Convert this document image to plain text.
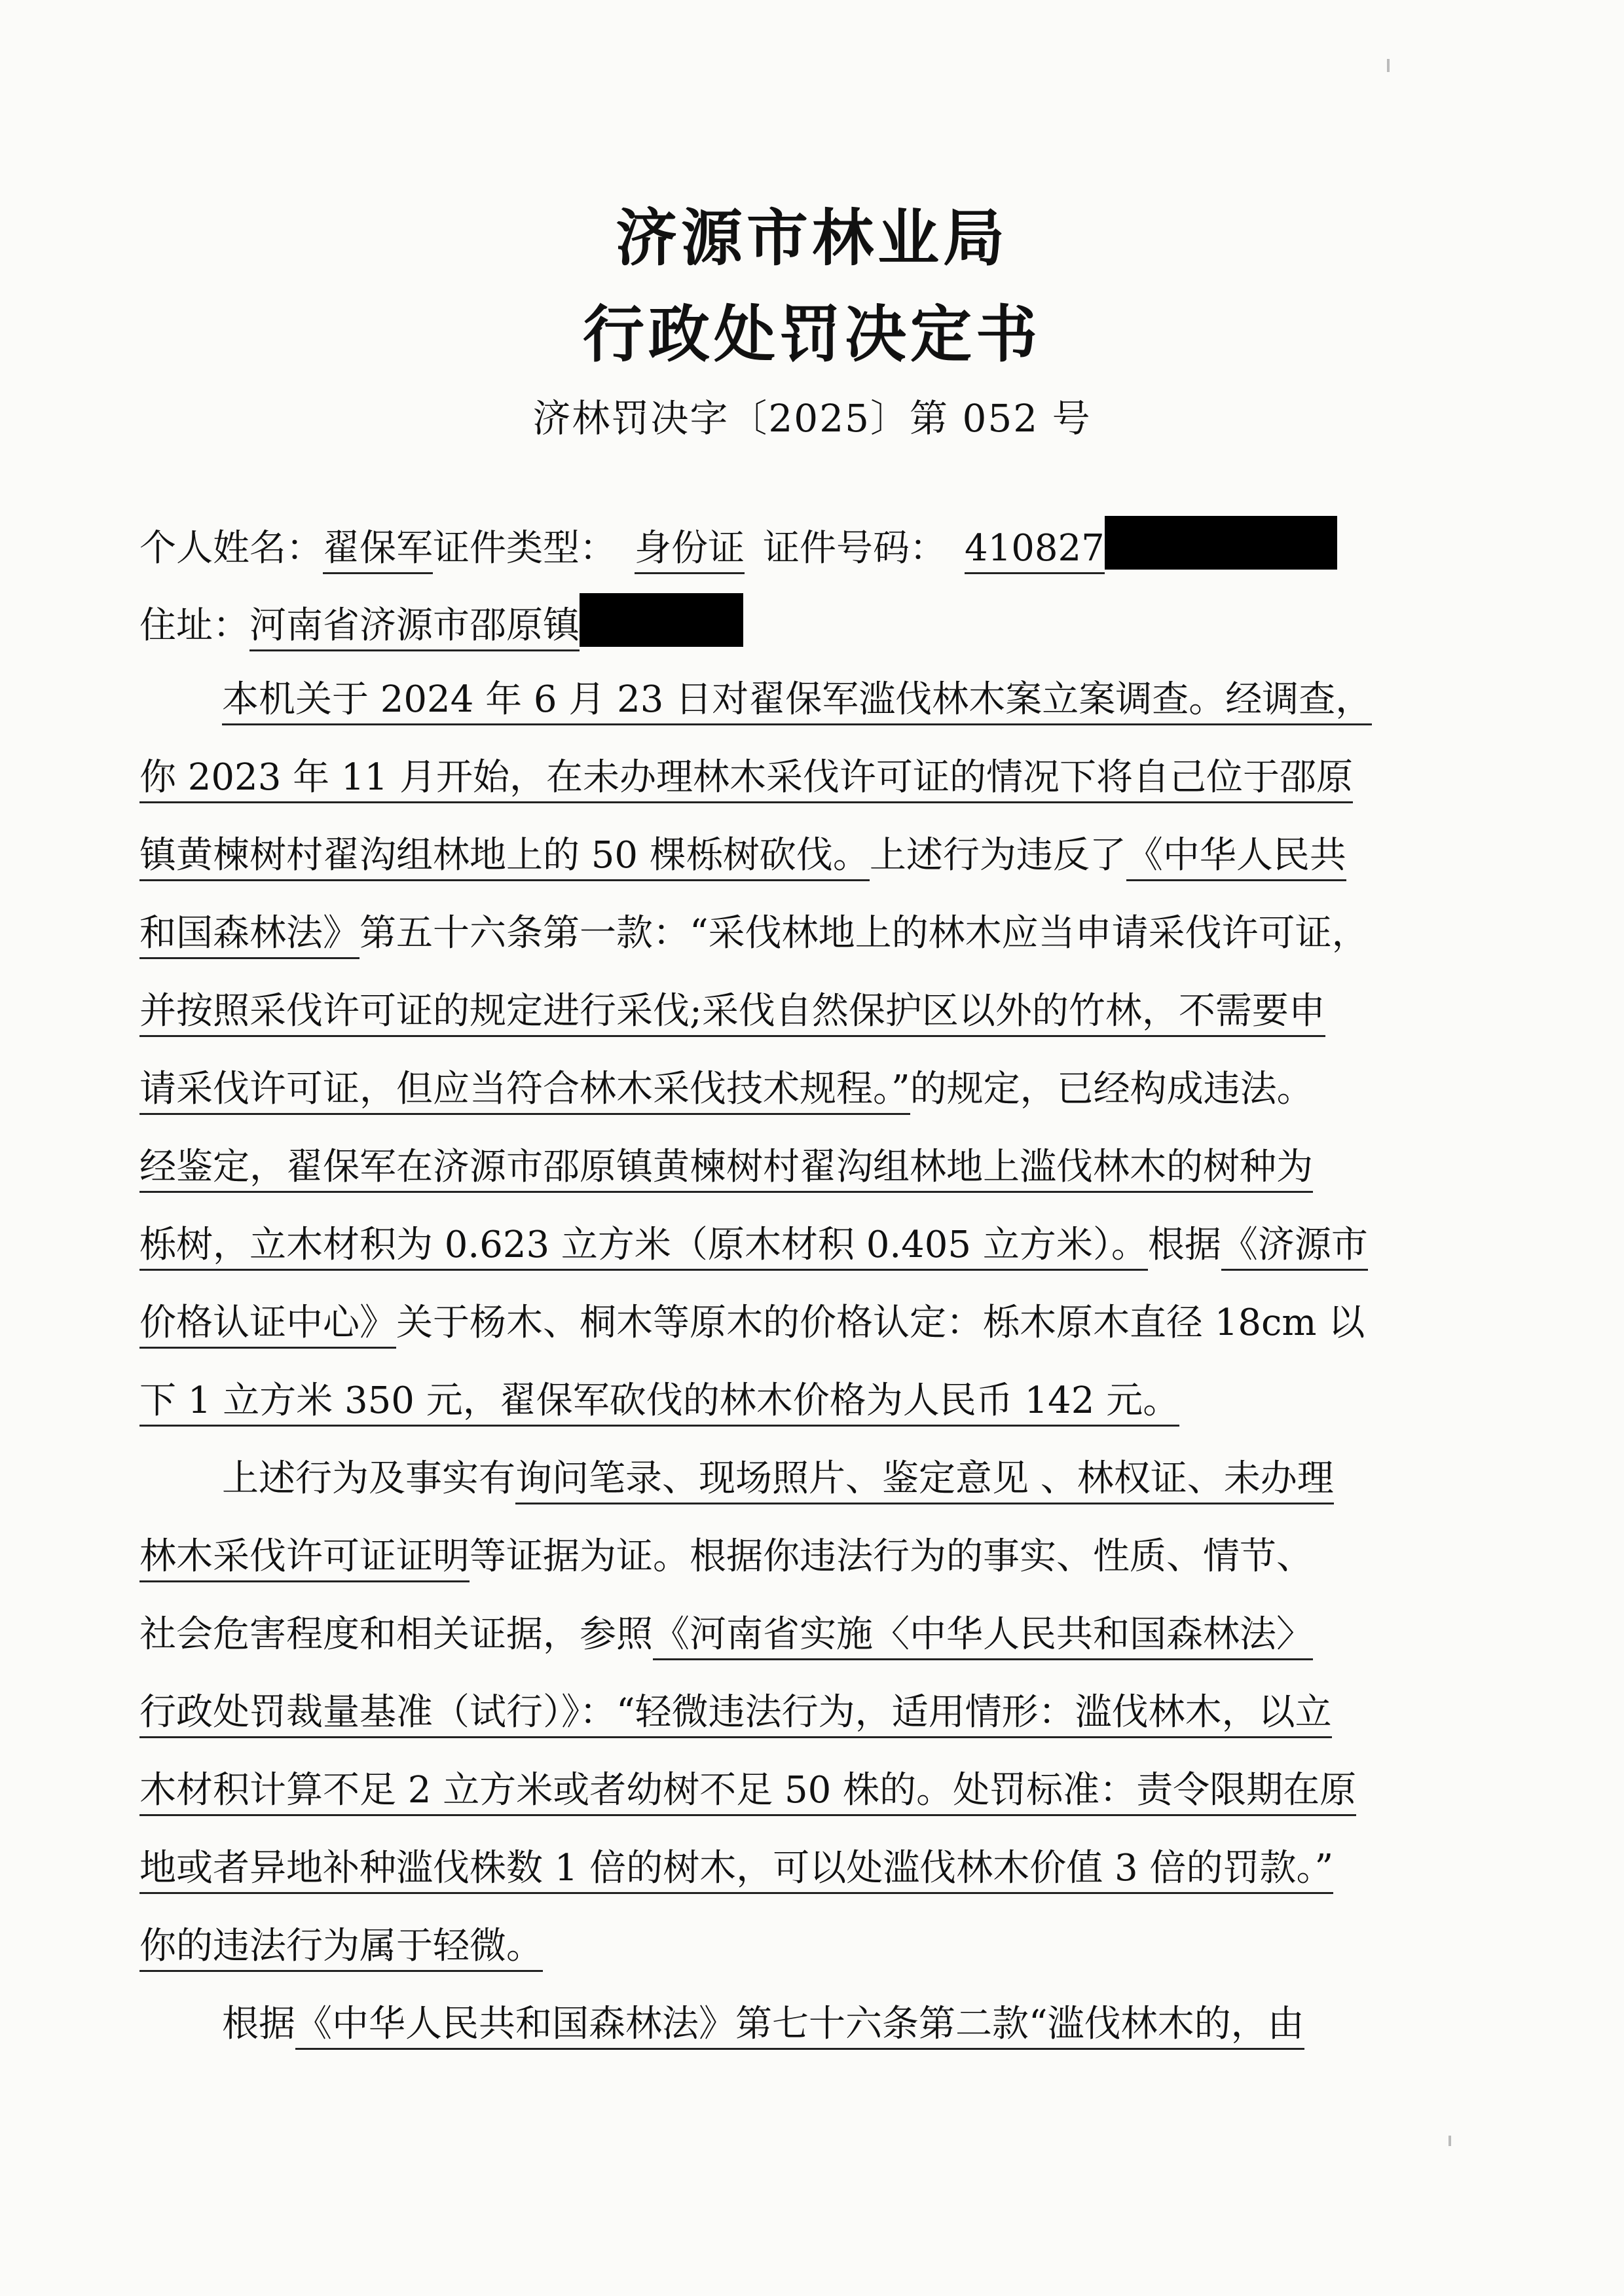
济源市林业局
行政处罚决定书
济林罚决字〔2025〕第 052 号
个人姓名：翟保军证件类型： 身份证 证件号码： 410827
住址：河南省济源市邵原镇
本机关于 2024 年 6 月 23 日对翟保军滥伐林木案立案调查。经调查，
你 2023 年 11 月开始，在未办理林木采伐许可证的情况下将自己位于邵原
镇黄楝树村翟沟组林地上的 50 棵栎树砍伐。上述行为违反了《中华人民共
和国森林法》第五十六条第一款：“采伐林地上的林木应当申请采伐许可证，
并按照采伐许可证的规定进行采伐;采伐自然保护区以外的竹林，不需要申
请采伐许可证，但应当符合林木采伐技术规程。”的规定，已经构成违法。
经鉴定，翟保军在济源市邵原镇黄楝树村翟沟组林地上滥伐林木的树种为
栎树，立木材积为 0.623 立方米（原木材积 0.405 立方米）。根据《济源市
价格认证中心》关于杨木、桐木等原木的价格认定：栎木原木直径 18cm 以
下 1 立方米 350 元，翟保军砍伐的林木价格为人民币 142 元。
上述行为及事实有询问笔录、现场照片、鉴定意见 、林权证、未办理
林木采伐许可证证明等证据为证。根据你违法行为的事实、性质、情节、
社会危害程度和相关证据，参照《河南省实施〈中华人民共和国森林法〉
行政处罚裁量基准（试行）》：“轻微违法行为，适用情形：滥伐林木，以立
木材积计算不足 2 立方米或者幼树不足 50 株的。处罚标准：责令限期在原
地或者异地补种滥伐株数 1 倍的树木，可以处滥伐林木价值 3 倍的罚款。”
你的违法行为属于轻微。
根据《中华人民共和国森林法》第七十六条第二款“滥伐林木的，由
